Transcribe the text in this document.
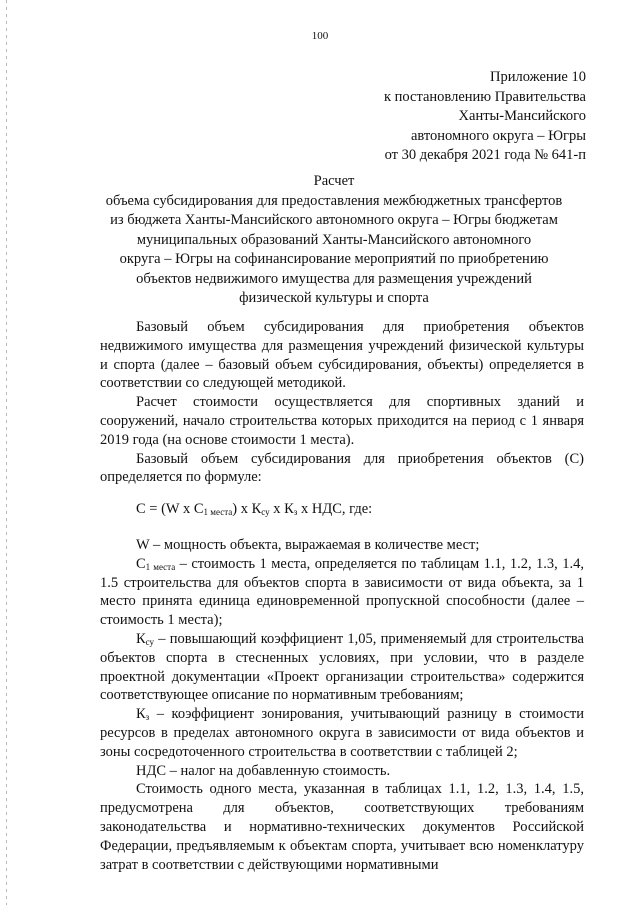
100
Приложение 10
к постановлению Правительства
Ханты-Мансийского
автономного округа – Югры
от 30 декабря 2021 года № 641-п
Расчет
объема субсидирования для предоставления межбюджетных трансфертов
из бюджета Ханты-Мансийского автономного округа – Югры бюджетам
муниципальных образований Ханты-Мансийского автономного
округа – Югры на софинансирование мероприятий по приобретению
объектов недвижимого имущества для размещения учреждений
физической культуры и спорта

Базовый объем субсидирования для приобретения объектов недвижимого имущества для размещения учреждений физической культуры и спорта (далее – базовый объем субсидирования, объекты) определяется в соответствии со следующей методикой.

Расчет стоимости осуществляется для спортивных зданий и сооружений, начало строительства которых приходится на период с 1 января 2019 года (на основе стоимости 1 места).

Базовый объем субсидирования для приобретения объектов (С) определяется по формуле:

С = (W x $С_{1 места}$) x $К_{су}$ x $К_з$ x НДС, где:

W – мощность объекта, выражаемая в количестве мест;

$С_{1 места}$ – стоимость 1 места, определяется по таблицам 1.1, 1.2, 1.3, 1.4, 1.5 строительства для объектов спорта в зависимости от вида объекта, за 1 место принята единица единовременной пропускной способности (далее – стоимость 1 места);

$К_{су}$ – повышающий коэффициент 1,05, применяемый для строительства объектов спорта в стесненных условиях, при условии, что в разделе проектной документации «Проект организации строительства» содержится соответствующее описание по нормативным требованиям;

$К_з$ – коэффициент зонирования, учитывающий разницу в стоимости ресурсов в пределах автономного округа в зависимости от вида объектов и зоны сосредоточенного строительства в соответствии с таблицей 2;

НДС – налог на добавленную стоимость.

Стоимость одного места, указанная в таблицах 1.1, 1.2, 1.3, 1.4, 1.5, предусмотрена для объектов, соответствующих требованиям законодательства и нормативно-технических документов Российской Федерации, предъявляемым к объектам спорта, учитывает всю номенклатуру затрат в соответствии с действующими нормативными
